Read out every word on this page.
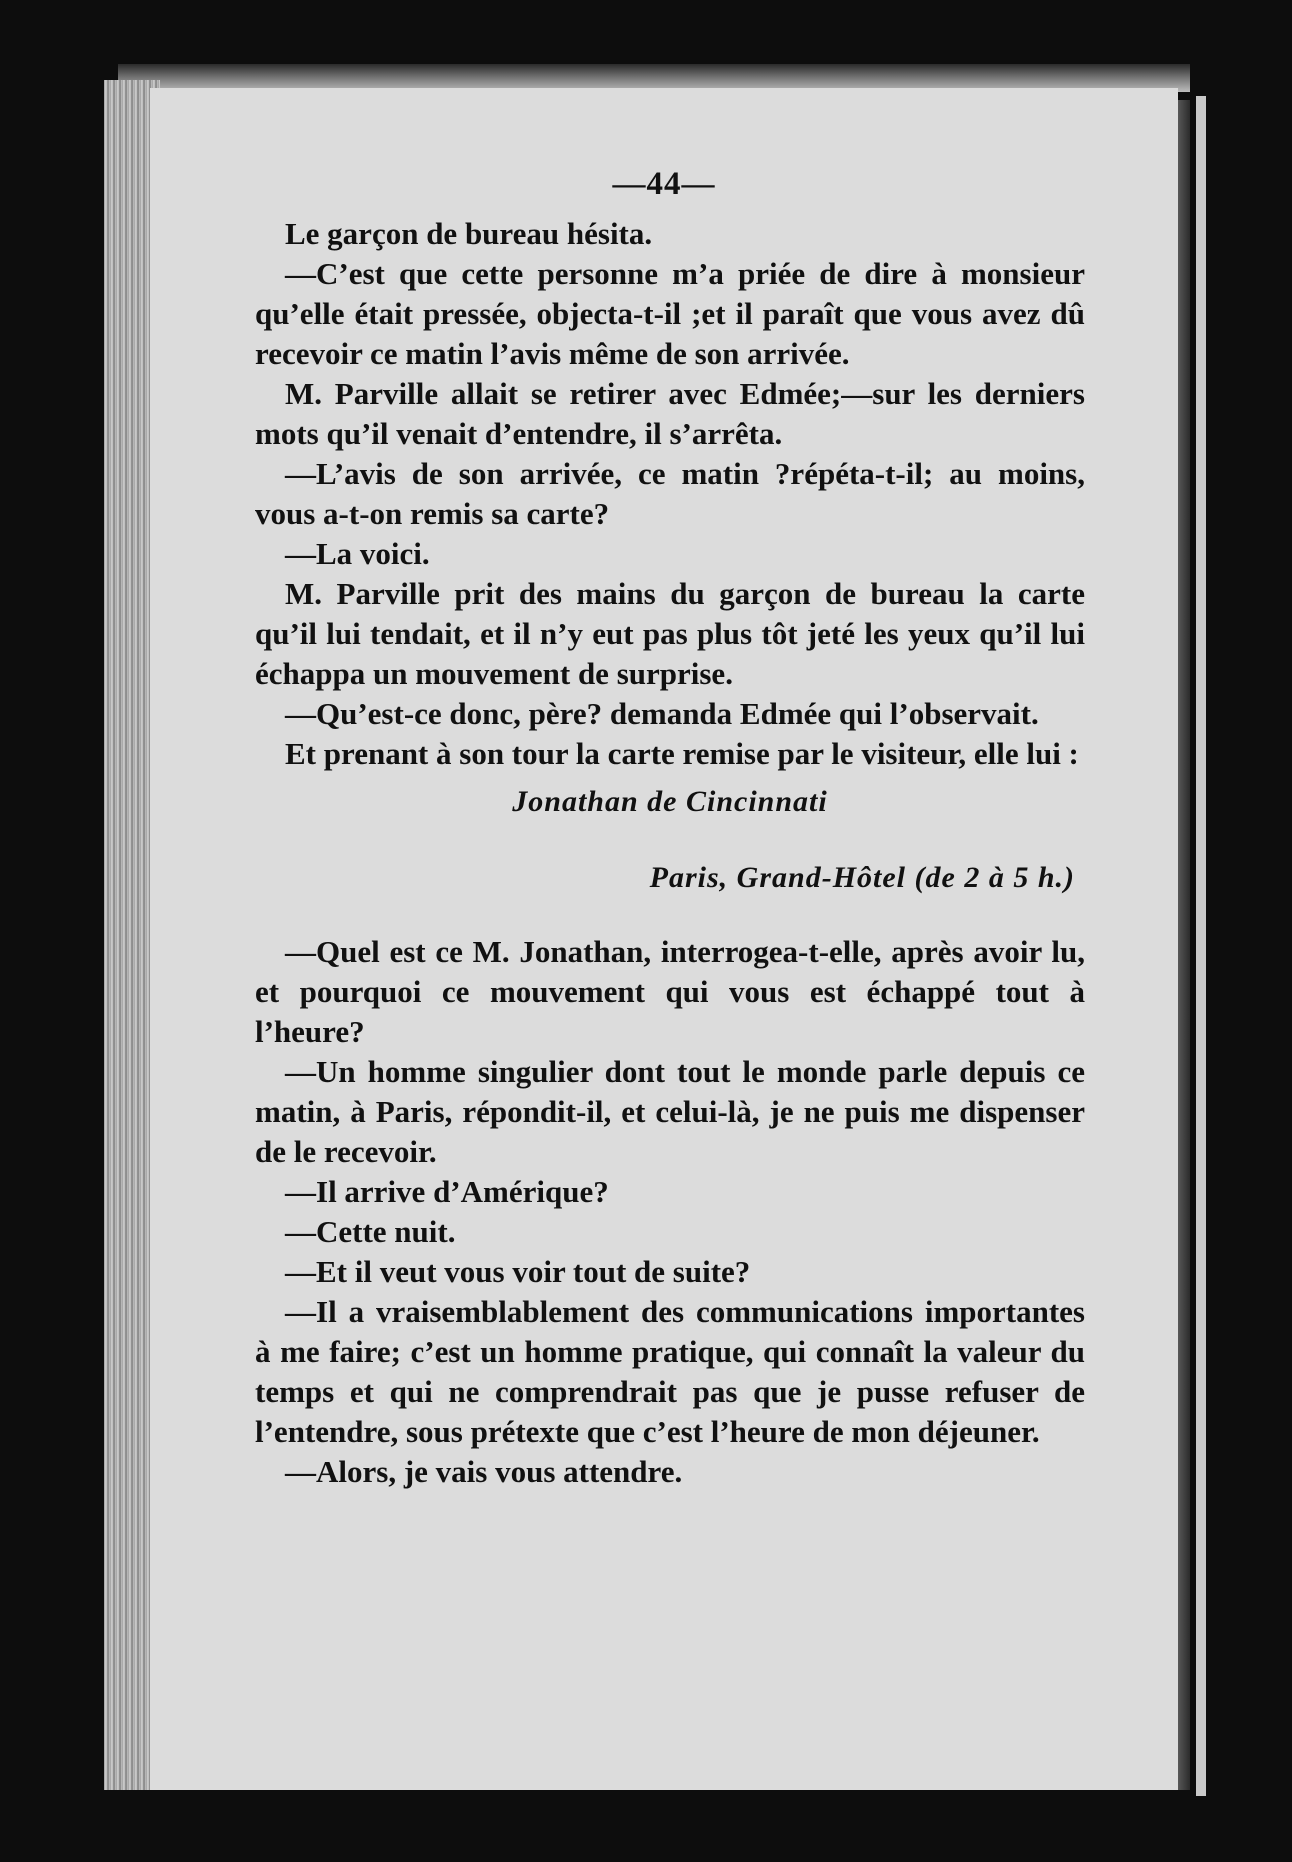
—44—

Le garçon de bureau hésita.

—C’est que cette personne m’a priée de dire à monsieur qu’elle était pressée, objecta-t-il ;et il paraît que vous avez dû recevoir ce matin l’avis même de son arrivée.

M. Parville allait se retirer avec Edmée;—sur les derniers mots qu’il venait d’entendre, il s’arrêta.

—L’avis de son arrivée, ce matin ?répéta-t-il; au moins, vous a-t-on remis sa carte?

—La voici.

M. Parville prit des mains du garçon de bureau la carte qu’il lui tendait, et il n’y eut pas plus tôt jeté les yeux qu’il lui échappa un mouvement de surprise.

—Qu’est-ce donc, père? demanda Edmée qui l’observait.

Et prenant à son tour la carte remise par le visiteur, elle lui :

Jonathan de Cincinnati
Paris, Grand-Hôtel (de 2 à 5 h.)

—Quel est ce M. Jonathan, interrogea-t-elle, après avoir lu, et pourquoi ce mouvement qui vous est échappé tout à l’heure?

—Un homme singulier dont tout le monde parle depuis ce matin, à Paris, répondit-il, et celui-là, je ne puis me dispenser de le recevoir.

—Il arrive d’Amérique?

—Cette nuit.

—Et il veut vous voir tout de suite?

—Il a vraisemblablement des communications importantes à me faire; c’est un homme pratique, qui connaît la valeur du temps et qui ne comprendrait pas que je pusse refuser de l’entendre, sous prétexte que c’est l’heure de mon déjeuner.

—Alors, je vais vous attendre.
